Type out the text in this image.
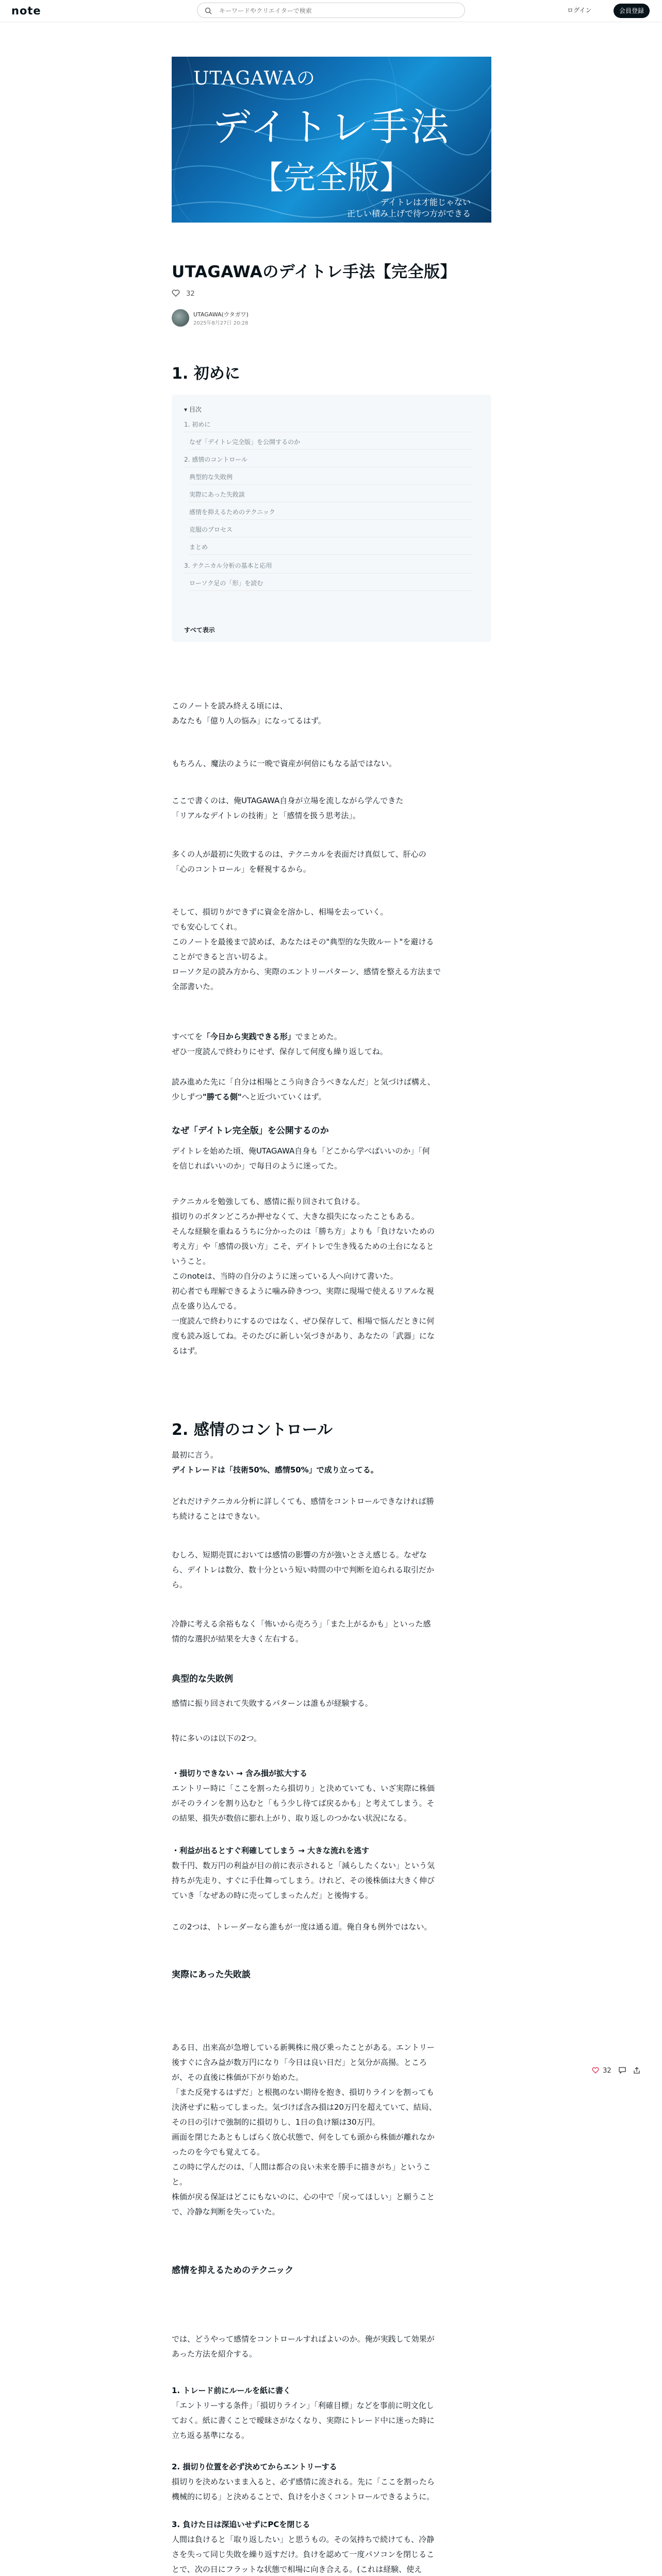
note
キーワードやクリエイターで検索	ログイン	会員登録
UTAGAWAの
デイトレ手法
【完全版】
デイトレは才能じゃない
正しい積み上げで待つ方ができる
UTAGAWAのデイトレ手法【完全版】
32
UTAGAWA(ウタガワ)
2025年8月27日 20:28
1. 初めに
▾ 目次
1. 初めに
なぜ「デイトレ完全版」を公開するのか
2. 感情のコントロール
典型的な失敗例
実際にあった失敗談
感情を抑えるためのテクニック
克服のプロセス
まとめ
3. テクニカル分析の基本と応用
ローソク足の「形」を読む
すべて表示

このノートを読み終える頃には、
あなたも「億り人の悩み」になってるはず。

もちろん、魔法のように一晩で資産が何倍にもなる話ではない。

ここで書くのは、俺UTAGAWA自身が立場を流しながら学んできた
「リアルなデイトレの技術」と「感情を扱う思考法」。

多くの人が最初に失敗するのは、テクニカルを表面だけ真似して、肝心の
「心のコントロール」を軽視するから。

そして、損切りができずに資金を溶かし、相場を去っていく。
でも安心してくれ。
このノートを最後まで読めば、あなたはその"典型的な失敗ルート"を避ける
ことができると言い切るよ。
ローソク足の読み方から、実際のエントリーパターン、感情を整える方法まで
全部書いた。

すべてを「今日から実践できる形」でまとめた。
ぜひ一度読んで終わりにせず、保存して何度も繰り返してね。

読み進めた先に「自分は相場とこう向き合うべきなんだ」と気づけば構え、
少しずつ"勝てる側"へと近づいていくはず。

なぜ「デイトレ完全版」を公開するのか

デイトレを始めた頃、俺UTAGAWA自身も「どこから学べばいいのか」「何
を信じればいいのか」で毎日のように迷ってた。

テクニカルを勉強しても、感情に振り回されて負ける。
損切りのボタンどころか押せなくて、大きな損失になったこともある。
そんな経験を重ねるうちに分かったのは「勝ち方」よりも「負けないための
考え方」や「感情の扱い方」こそ、デイトレで生き残るための土台になると
いうこと。
このnoteは、当時の自分のように迷っている人へ向けて書いた。
初心者でも理解できるように噛み砕きつつ、実際に現場で使えるリアルな視
点を盛り込んでる。
一度読んで終わりにするのではなく、ぜひ保存して、相場で悩んだときに何
度も読み返してね。そのたびに新しい気づきがあり、あなたの「武器」にな
るはず。

2. 感情のコントロール

最初に言う。
デイトレードは「技術50%、感情50%」で成り立ってる。

どれだけテクニカル分析に詳しくても、感情をコントロールできなければ勝
ち続けることはできない。

むしろ、短期売買においては感情の影響の方が強いとさえ感じる。なぜな
ら、デイトレは数分、数十分という短い時間の中で判断を迫られる取引だか
ら。

冷静に考える余裕もなく「怖いから売ろう」「また上がるかも」といった感
情的な選択が結果を大きく左右する。

典型的な失敗例

感情に振り回されて失敗するパターンは誰もが経験する。

特に多いのは以下の2つ。

・損切りできない → 含み損が拡大する
エントリー時に「ここを割ったら損切り」と決めていても、いざ実際に株価
がそのラインを割り込むと「もう少し待てば戻るかも」と考えてしまう。そ
の結果、損失が数倍に膨れ上がり、取り返しのつかない状況になる。

・利益が出るとすぐ利確してしまう → 大きな流れを逃す
数千円、数万円の利益が目の前に表示されると「減らしたくない」という気
持ちが先走り、すぐに手仕舞ってしまう。けれど、その後株価は大きく伸び
ていき「なぜあの時に売ってしまったんだ」と後悔する。

この2つは、トレーダーなら誰もが一度は通る道。俺自身も例外ではない。

実際にあった失敗談

ある日、出来高が急増している新興株に飛び乗ったことがある。エントリー
後すぐに含み益が数万円になり「今日は良い日だ」と気分が高揚。ところ
が、その直後に株価が下がり始めた。
「また反発するはずだ」と根拠のない期待を抱き、損切りラインを割っても
決済せずに粘ってしまった。気づけば含み損は20万円を超えていて、結局、
その日の引けで強制的に損切りし、1日の負け額は30万円。
画面を閉じたあともしばらく放心状態で、何をしても頭から株価が離れなか
ったのを今でも覚えてる。
この時に学んだのは、「人間は都合の良い未来を勝手に描きがち」というこ
と。
株価が戻る保証はどこにもないのに、心の中で「戻ってほしい」と願うこと
で、冷静な判断を失っていた。

感情を抑えるためのテクニック

では、どうやって感情をコントロールすればよいのか。俺が実践して効果が
あった方法を紹介する。

1. トレード前にルールを紙に書く
「エントリーする条件」「損切りライン」「利確目標」などを事前に明文化し
ておく。紙に書くことで曖昧さがなくなり、実際にトレード中に迷った時に
立ち返る基準になる。

2. 損切り位置を必ず決めてからエントリーする
損切りを決めないまま入ると、必ず感情に流される。先に「ここを割ったら
機械的に切る」と決めることで、負けを小さくコントロールできるように。

3. 負けた日は深追いせずにPCを閉じる
人間は負けると「取り返したい」と思うもの。その気持ちで続けても、冷静
さを失って同じ失敗を繰り返すだけ。負けを認めて一度パソコンを閉じるこ
とで、次の日にフラットな状態で相場に向き合える。(これは経験、使え

32
